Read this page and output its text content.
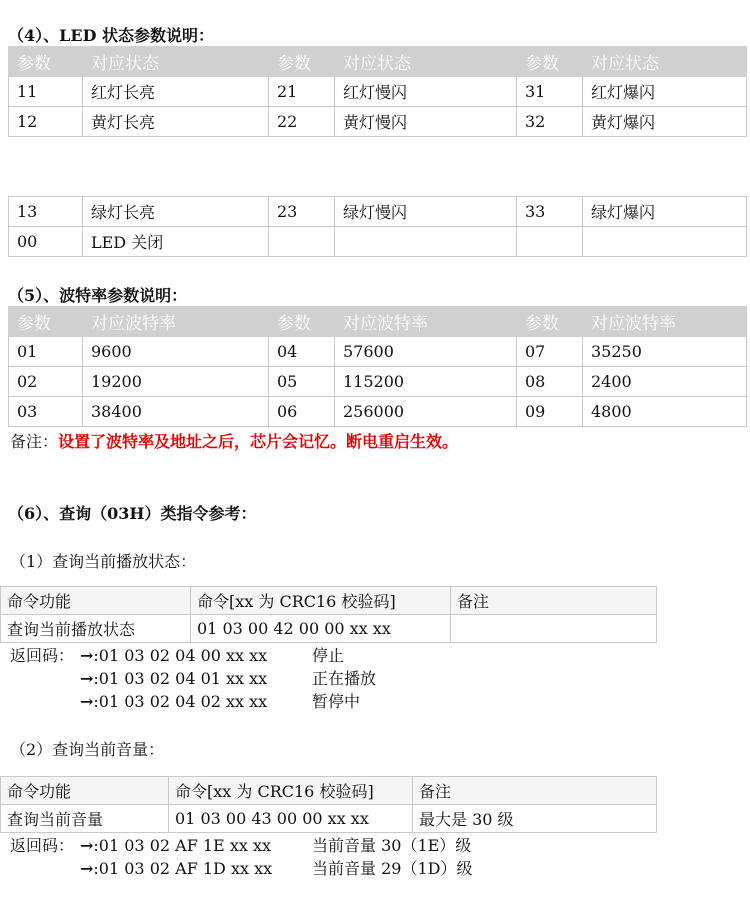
（4）、LED 状态参数说明：
参数	对应状态	参数	对应状态	参数	对应状态
11	红灯长亮	21	红灯慢闪	31	红灯爆闪
12	黄灯长亮	22	黄灯慢闪	32	黄灯爆闪
13	绿灯长亮	23	绿灯慢闪	33	绿灯爆闪
00	LED 关闭				
（5）、波特率参数说明：
参数	对应波特率	参数	对应波特率	参数	对应波特率
01	9600	04	57600	07	35250
02	19200	05	115200	08	2400
03	38400	06	256000	09	4800
备注：设置了波特率及地址之后，芯片会记忆。断电重启生效。
（6）、查询（03H）类指令参考：
（1）查询当前播放状态：
命令功能	命令[xx 为 CRC16 校验码]	备注
查询当前播放状态	01 03 00 42 00 00 xx xx	
返回码： →:01 03 02 04 00 xx xx	停止
→:01 03 02 04 01 xx xx	正在播放
→:01 03 02 04 02 xx xx	暂停中
（2）查询当前音量：
命令功能	命令[xx 为 CRC16 校验码]	备注
查询当前音量	01 03 00 43 00 00 xx xx	最大是 30 级
返回码： →:01 03 02 AF 1E xx xx	当前音量 30（1E）级
→:01 03 02 AF 1D xx xx 当前音量 29（1D）级
